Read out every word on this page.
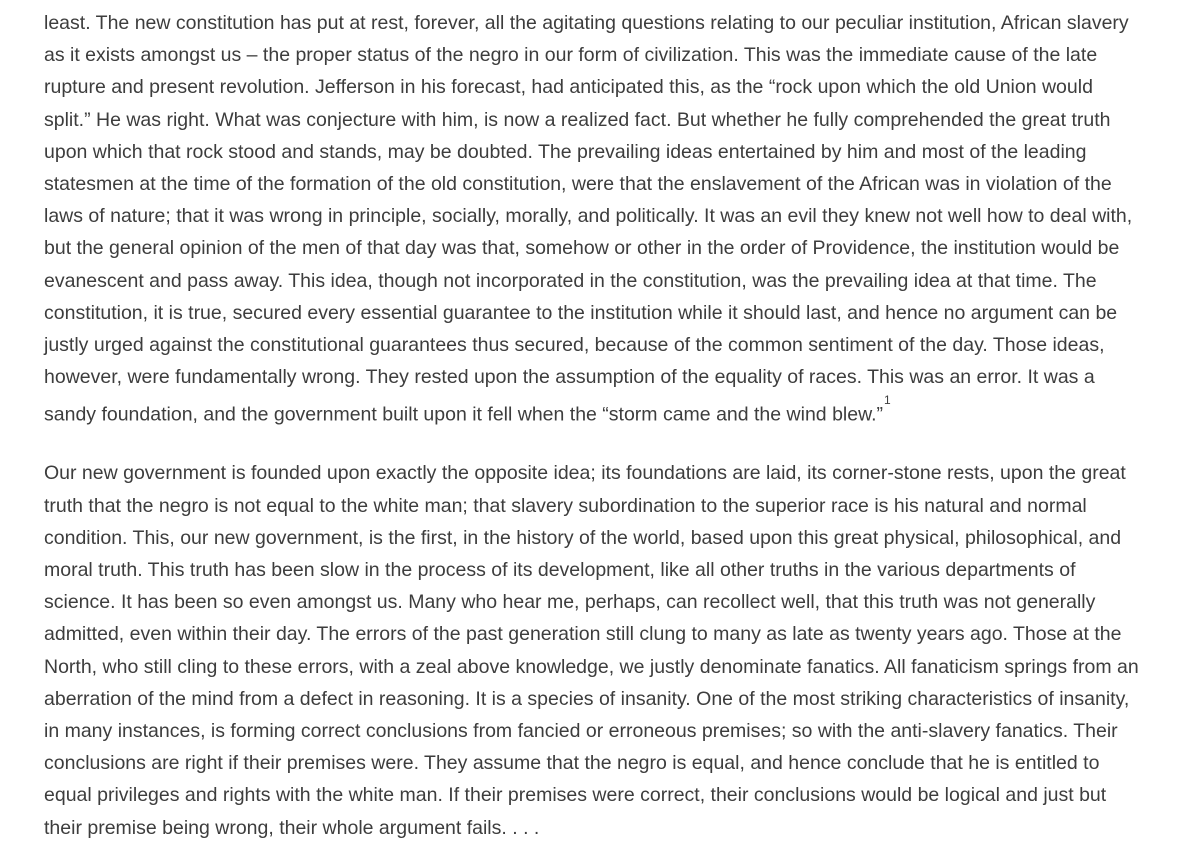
least. The new constitution has put at rest, forever, all the agitating questions relating to our peculiar institution, African slavery
as it exists amongst us – the proper status of the negro in our form of civilization. This was the immediate cause of the late
rupture and present revolution. Jefferson in his forecast, had anticipated this, as the “rock upon which the old Union would
split.” He was right. What was conjecture with him, is now a realized fact. But whether he fully comprehended the great truth
upon which that rock stood and stands, may be doubted. The prevailing ideas entertained by him and most of the leading
statesmen at the time of the formation of the old constitution, were that the enslavement of the African was in violation of the
laws of nature; that it was wrong in principle, socially, morally, and politically. It was an evil they knew not well how to deal with,
but the general opinion of the men of that day was that, somehow or other in the order of Providence, the institution would be
evanescent and pass away. This idea, though not incorporated in the constitution, was the prevailing idea at that time. The
constitution, it is true, secured every essential guarantee to the institution while it should last, and hence no argument can be
justly urged against the constitutional guarantees thus secured, because of the common sentiment of the day. Those ideas,
however, were fundamentally wrong. They rested upon the assumption of the equality of races. This was an error. It was a
sandy foundation, and the government built upon it fell when the “storm came and the wind blew.”$^1$

Our new government is founded upon exactly the opposite idea; its foundations are laid, its corner-stone rests, upon the great
truth that the negro is not equal to the white man; that slavery subordination to the superior race is his natural and normal
condition. This, our new government, is the first, in the history of the world, based upon this great physical, philosophical, and
moral truth. This truth has been slow in the process of its development, like all other truths in the various departments of
science. It has been so even amongst us. Many who hear me, perhaps, can recollect well, that this truth was not generally
admitted, even within their day. The errors of the past generation still clung to many as late as twenty years ago. Those at the
North, who still cling to these errors, with a zeal above knowledge, we justly denominate fanatics. All fanaticism springs from an
aberration of the mind from a defect in reasoning. It is a species of insanity. One of the most striking characteristics of insanity,
in many instances, is forming correct conclusions from fancied or erroneous premises; so with the anti-slavery fanatics. Their
conclusions are right if their premises were. They assume that the negro is equal, and hence conclude that he is entitled to
equal privileges and rights with the white man. If their premises were correct, their conclusions would be logical and just but
their premise being wrong, their whole argument fails. . . .
